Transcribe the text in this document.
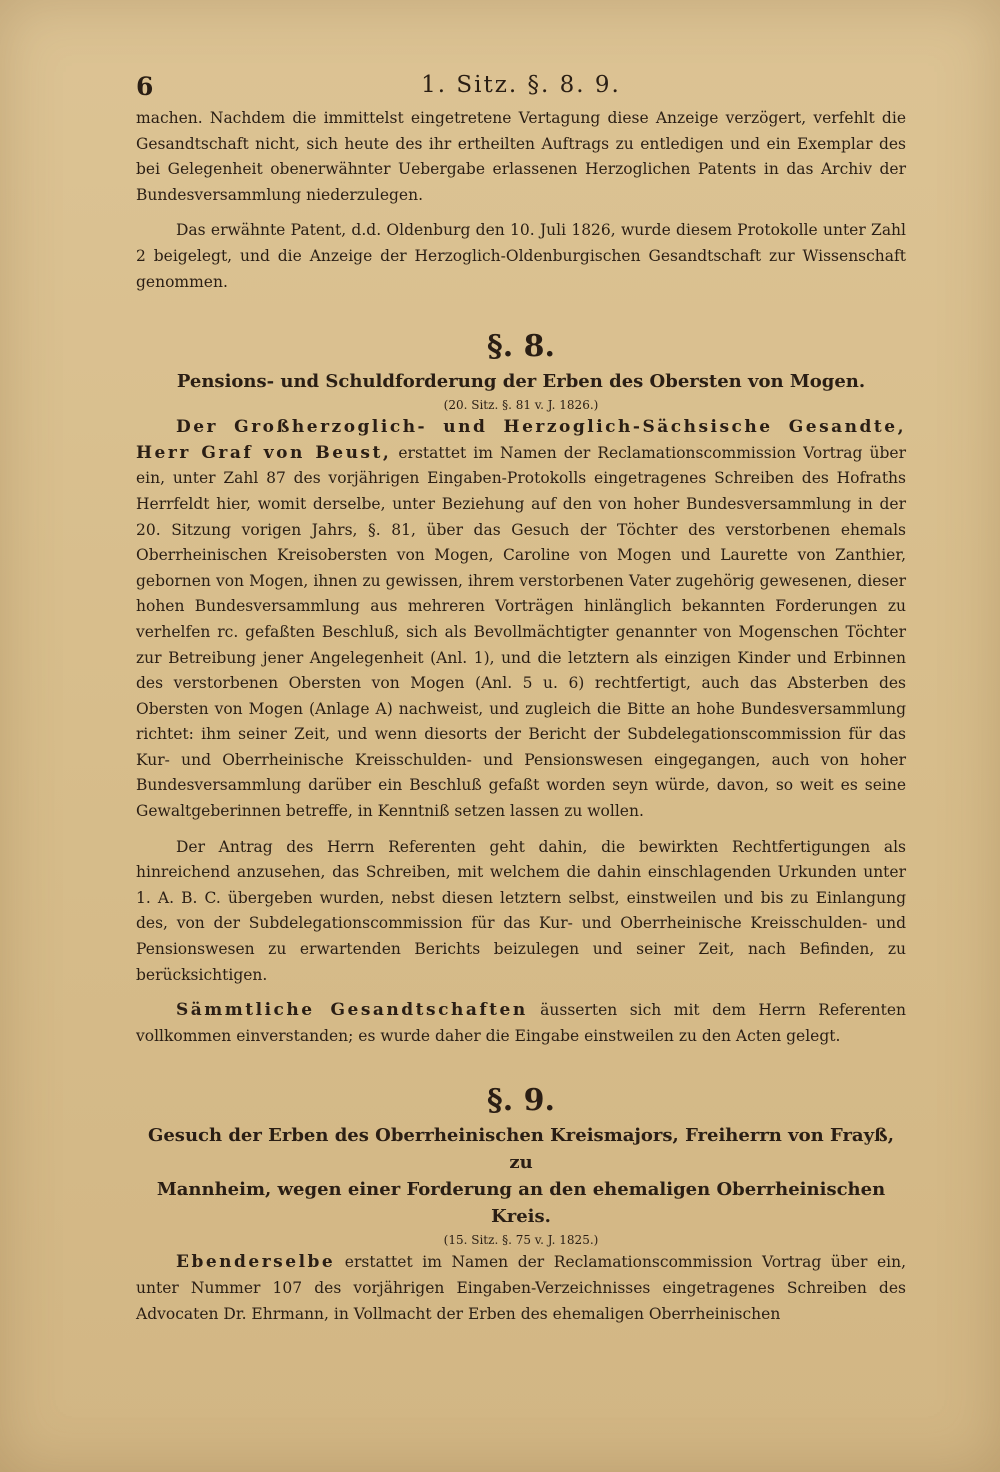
6	1. Sitz. §. 8. 9.

machen. Nachdem die immittelst eingetretene Vertagung diese Anzeige verzögert, verfehlt die Gesandtschaft nicht, sich heute des ihr ertheilten Auftrags zu entledigen und ein Exemplar des bei Gelegenheit obenerwähnter Uebergabe erlassenen Herzoglichen Patents in das Archiv der Bundesversammlung niederzulegen.

Das erwähnte Patent, d.d. Oldenburg den 10. Juli 1826, wurde diesem Protokolle unter Zahl 2 beigelegt, und die Anzeige der Herzoglich-Oldenburgischen Gesandtschaft zur Wissenschaft genommen.

§. 8.
Pensions- und Schuldforderung der Erben des Obersten von Mogen.
(20. Sitz. §. 81 v. J. 1826.)

Der Großherzoglich- und Herzoglich-Sächsische Gesandte, Herr Graf von Beust, erstattet im Namen der Reclamationscommission Vortrag über ein, unter Zahl 87 des vorjährigen Eingaben-Protokolls eingetragenes Schreiben des Hofraths Herrfeldt hier, womit derselbe, unter Beziehung auf den von hoher Bundesversammlung in der 20. Sitzung vorigen Jahrs, §. 81, über das Gesuch der Töchter des verstorbenen ehemals Oberrheinischen Kreisobersten von Mogen, Caroline von Mogen und Laurette von Zanthier, gebornen von Mogen, ihnen zu gewissen, ihrem verstorbenen Vater zugehörig gewesenen, dieser hohen Bundesversammlung aus mehreren Vorträgen hinlänglich bekannten Forderungen zu verhelfen rc. gefaßten Beschluß, sich als Bevollmächtigter genannter von Mogenschen Töchter zur Betreibung jener Angelegenheit (Anl. 1), und die letztern als einzigen Kinder und Erbinnen des verstorbenen Obersten von Mogen (Anl. 5 u. 6) rechtfertigt, auch das Absterben des Obersten von Mogen (Anlage A) nachweist, und zugleich die Bitte an hohe Bundesversammlung richtet: ihm seiner Zeit, und wenn diesorts der Bericht der Subdelegationscommission für das Kur- und Oberrheinische Kreisschulden- und Pensionswesen eingegangen, auch von hoher Bundesversammlung darüber ein Beschluß gefaßt worden seyn würde, davon, so weit es seine Gewaltgeberinnen betreffe, in Kenntniß setzen lassen zu wollen.

Der Antrag des Herrn Referenten geht dahin, die bewirkten Rechtfertigungen als hinreichend anzusehen, das Schreiben, mit welchem die dahin einschlagenden Urkunden unter 1. A. B. C. übergeben wurden, nebst diesen letztern selbst, einstweilen und bis zu Einlangung des, von der Subdelegationscommission für das Kur- und Oberrheinische Kreisschulden- und Pensionswesen zu erwartenden Berichts beizulegen und seiner Zeit, nach Befinden, zu berücksichtigen.

Sämmtliche Gesandtschaften äusserten sich mit dem Herrn Referenten vollkommen einverstanden; es wurde daher die Eingabe einstweilen zu den Acten gelegt.

§. 9.
Gesuch der Erben des Oberrheinischen Kreismajors, Freiherrn von Frayß, zu
Mannheim, wegen einer Forderung an den ehemaligen Oberrheinischen Kreis.
(15. Sitz. §. 75 v. J. 1825.)

Ebenderselbe erstattet im Namen der Reclamationscommission Vortrag über ein, unter Nummer 107 des vorjährigen Eingaben-Verzeichnisses eingetragenes Schreiben des Advocaten Dr. Ehrmann, in Vollmacht der Erben des ehemaligen Oberrheinischen
